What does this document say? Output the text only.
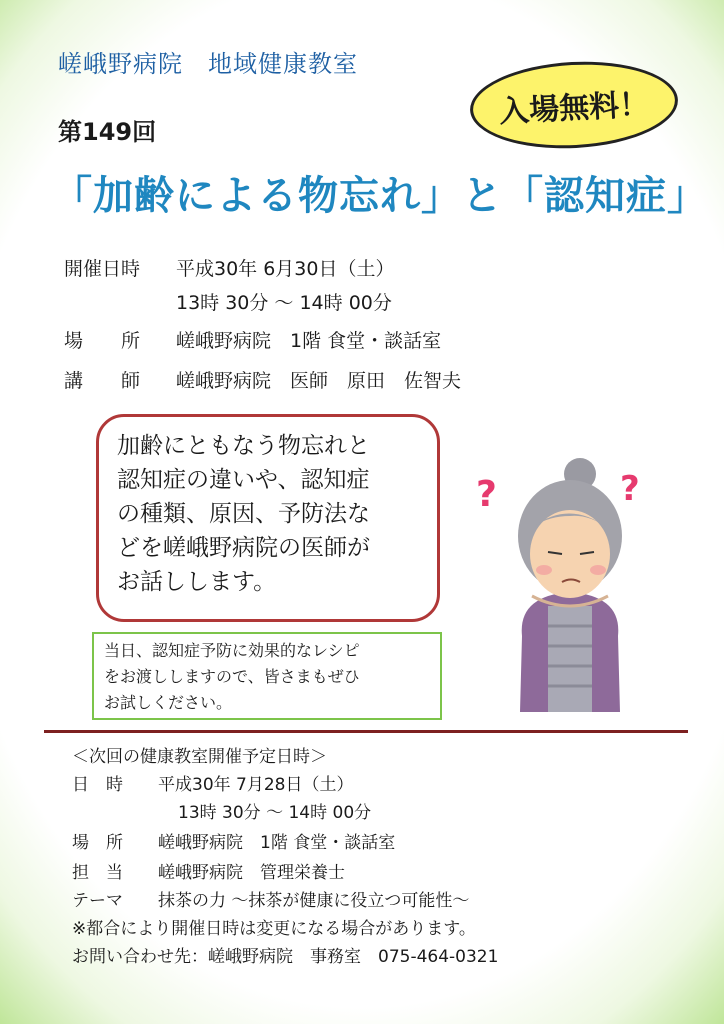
嵯峨野病院　地域健康教室
第149回
入場無料！
「加齢による物忘れ」と「認知症」
開催日時 平成30年 6月30日（土）
13時 30分 ～ 14時 00分
場　　所 嵯峨野病院　1階 食堂・談話室
講　　師 嵯峨野病院　医師　原田　佐智夫

加齢にともなう物忘れと

認知症の違いや、認知症

の種類、原因、予防法な

どを嵯峨野病院の医師が

お話しします。

?	?

当日、認知症予防に効果的なレシピ

をお渡ししますので、皆さまもぜひ

お試しください。

＜次回の健康教室開催予定日時＞
日　時 平成30年 7月28日（土）
13時 30分 ～ 14時 00分
場　所 嵯峨野病院　1階 食堂・談話室
担　当 嵯峨野病院　管理栄養士
テーマ 抹茶の力 ～抹茶が健康に役立つ可能性～
※都合により開催日時は変更になる場合があります。
お問い合わせ先：嵯峨野病院　事務室　075-464-0321
